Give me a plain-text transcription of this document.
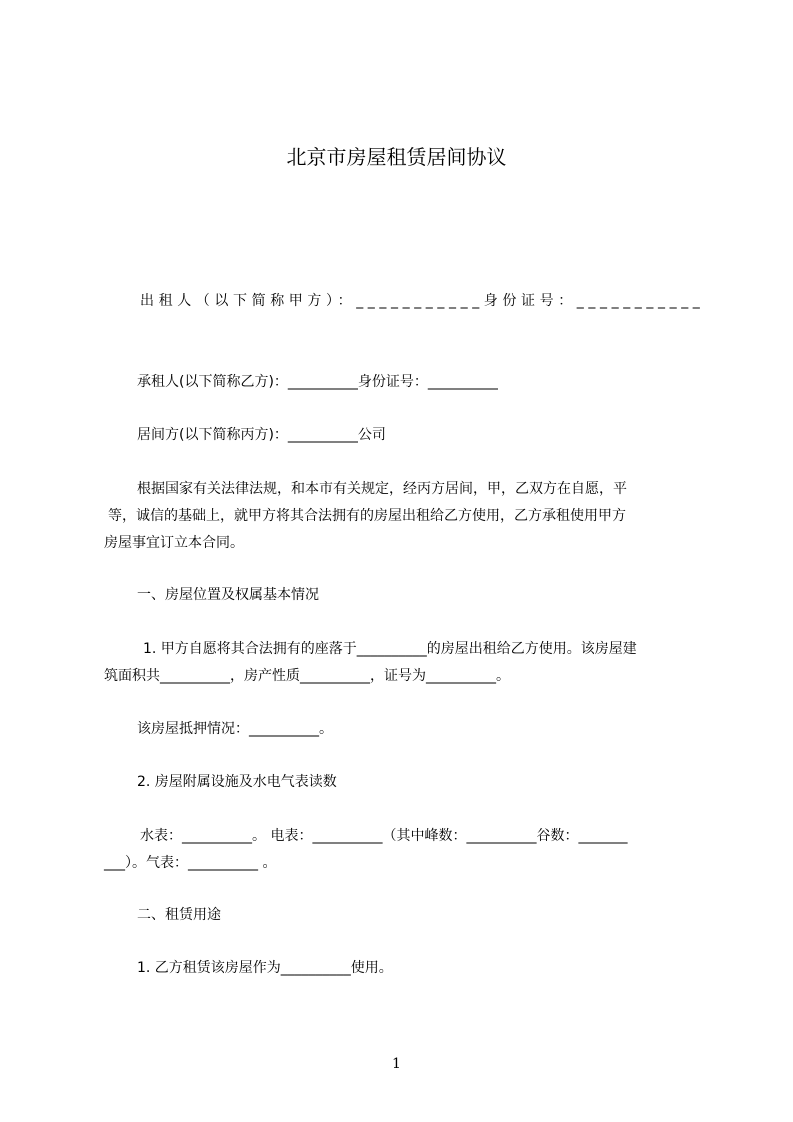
北京市房屋租赁居间协议
出租人（以下简称甲方）：___________身份证号：___________
承租人(以下简称乙方)：__________身份证号：__________
居间方(以下简称丙方)：__________公司
根据国家有关法律法规，和本市有关规定，经丙方居间，甲，乙双方在自愿，平
等，诚信的基础上，就甲方将其合法拥有的房屋出租给乙方使用，乙方承租使用甲方
房屋事宜订立本合同。
一、房屋位置及权属基本情况
1. 甲方自愿将其合法拥有的座落于__________的房屋出租给乙方使用。该房屋建
筑面积共__________，房产性质__________，证号为__________。
该房屋抵押情况：__________。
2. 房屋附属设施及水电气表读数
水表：__________。 电表：__________（其中峰数：__________谷数：_______
___）。气表：__________ 。
二、租赁用途
1. 乙方租赁该房屋作为__________使用。
1
